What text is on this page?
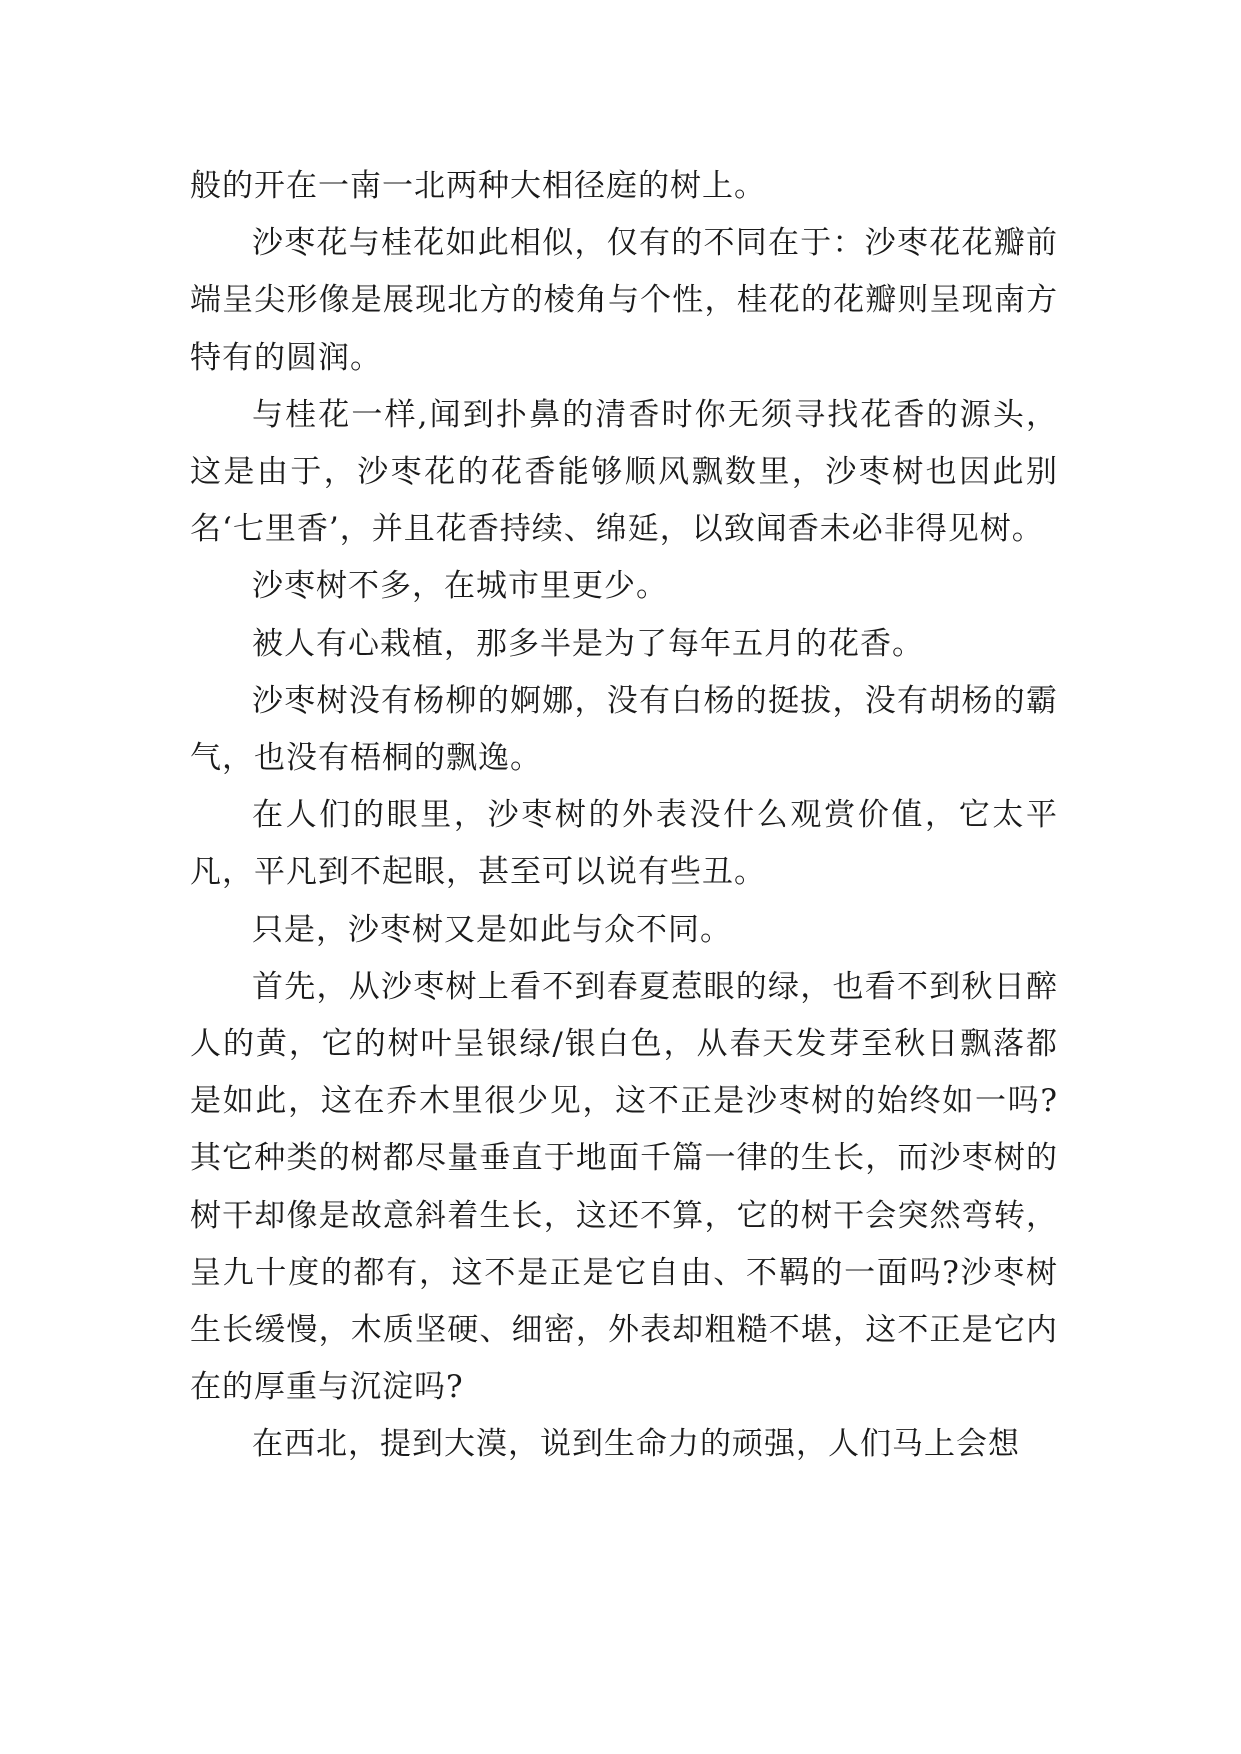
般的开在一南一北两种大相径庭的树上。

沙枣花与桂花如此相似，仅有的不同在于：沙枣花花瓣前端呈尖形像是展现北方的棱角与个性，桂花的花瓣则呈现南方特有的圆润。

与桂花一样,闻到扑鼻的清香时你无须寻找花香的源头，这是由于，沙枣花的花香能够顺风飘数里，沙枣树也因此别名‘七里香’，并且花香持续、绵延，以致闻香未必非得见树。

沙枣树不多，在城市里更少。

被人有心栽植，那多半是为了每年五月的花香。

沙枣树没有杨柳的婀娜，没有白杨的挺拔，没有胡杨的霸气，也没有梧桐的飘逸。

在人们的眼里，沙枣树的外表没什么观赏价值，它太平凡，平凡到不起眼，甚至可以说有些丑。

只是，沙枣树又是如此与众不同。

首先，从沙枣树上看不到春夏惹眼的绿，也看不到秋日醉人的黄，它的树叶呈银绿/银白色，从春天发芽至秋日飘落都是如此，这在乔木里很少见，这不正是沙枣树的始终如一吗?其它种类的树都尽量垂直于地面千篇一律的生长，而沙枣树的树干却像是故意斜着生长，这还不算，它的树干会突然弯转，呈九十度的都有，这不是正是它自由、不羁的一面吗?沙枣树生长缓慢，木质坚硬、细密，外表却粗糙不堪，这不正是它内在的厚重与沉淀吗?

在西北，提到大漠，说到生命力的顽强，人们马上会想
